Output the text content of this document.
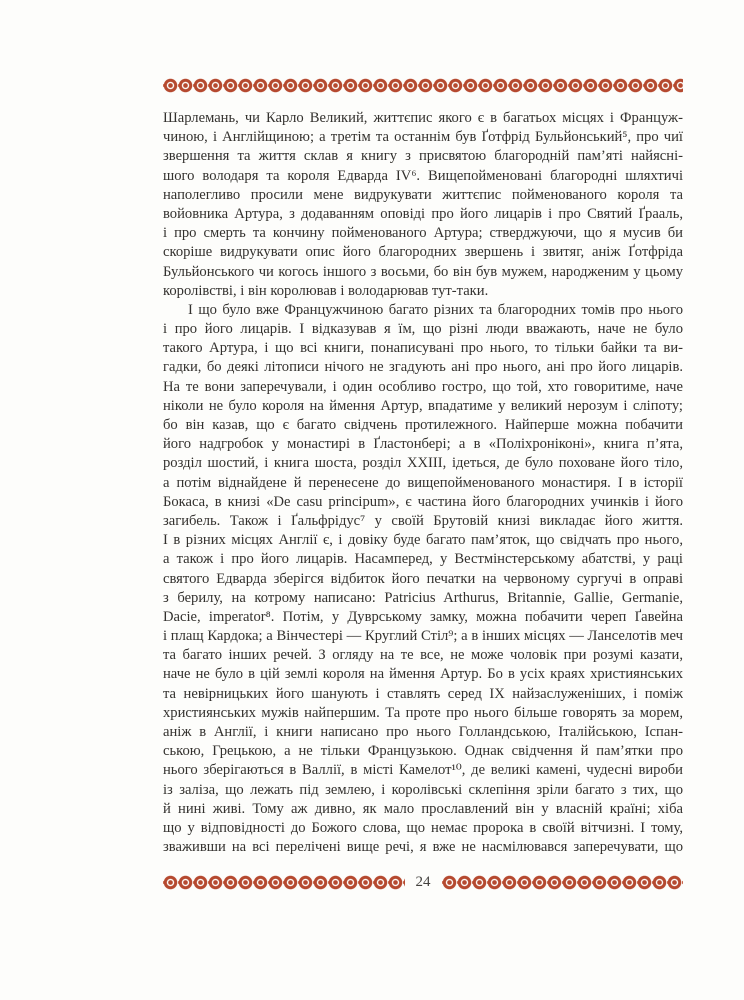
Шарлемань, чи Карло Великий, життєпис якого є в багатьох місцях і Француж-
чиною, і Англійщиною; а третім та останнім був Ґотфрід Бульйонський⁵, про чиї
звершення та життя склав я книгу з присвятою благородній пам’яті найясні-
шого володаря та короля Едварда IV⁶. Вищепойменовані благородні шляхтичі
наполегливо просили мене видрукувати життєпис пойменованого короля та
войовника Артура, з додаванням оповіді про його лицарів і про Святий Ґрааль,
і про смерть та кончину пойменованого Артура; стверджуючи, що я мусив би
скоріше видрукувати опис його благородних звершень і звитяг, аніж Ґотфріда
Бульйонського чи когось іншого з восьми, бо він був мужем, народженим у цьому
королівстві, і він королював і володарював тут-таки.
І що було вже Францужчиною багато різних та благородних томів про нього
і про його лицарів. І відказував я їм, що різні люди вважають, наче не було
такого Артура, і що всі книги, понаписувані про нього, то тільки байки та ви-
гадки, бо деякі літописи нічого не згадують ані про нього, ані про його лицарів.
На те вони заперечували, і один особливо гостро, що той, хто говоритиме, наче
ніколи не було короля на ймення Артур, впадатиме у великий нерозум і сліпоту;
бо він казав, що є багато свідчень протилежного. Найперше можна побачити
його надгробок у монастирі в Ґластонбері; а в «Поліхроніконі», книга п’ята,
розділ шостий, і книга шоста, розділ XXIII, ідеться, де було поховане його тіло,
а потім віднайдене й перенесене до вищепойменованого монастиря. І в історії
Бокаса, в книзі «De casu principum», є частина його благородних учинків і його
загибель. Також і Ґальфрідус⁷ у своїй Брутовій книзі викладає його життя.
І в різних місцях Англії є, і довіку буде багато пам’яток, що свідчать про нього,
а також і про його лицарів. Насамперед, у Вестмінстерському абатстві, у раці
святого Едварда зберігся відбиток його печатки на червоному сургучі в оправі
з берилу, на котрому написано: Patricius Arthurus, Britannie, Gallie, Germanie,
Dacie, imperator⁸. Потім, у Дуврському замку, можна побачити череп Ґавейна
і плащ Кардока; а Вінчестері — Круглий Стіл⁹; а в інших місцях — Ланселотів меч
та багато інших речей. З огляду на те все, не може чоловік при розумі казати,
наче не було в цій землі короля на ймення Артур. Бо в усіх краях християнських
та невірницьких його шанують і ставлять серед IX найзаслуженіших, і поміж
християнських мужів найпершим. Та проте про нього більше говорять за морем,
аніж в Англії, і книги написано про нього Голландською, Італійською, Іспан-
ською, Грецькою, а не тільки Французькою. Однак свідчення й пам’ятки про
нього зберігаються в Валлії, в місті Камелот¹⁰, де великі камені, чудесні вироби
із заліза, що лежать під землею, і королівські склепіння зріли багато з тих, що
й нині живі. Тому аж дивно, як мало прославлений він у власній країні; хіба
що у відповідності до Божого слова, що немає пророка в своїй вітчизні. І тому,
зваживши на всі перелічені вище речі, я вже не насмілювався заперечувати, що
24
